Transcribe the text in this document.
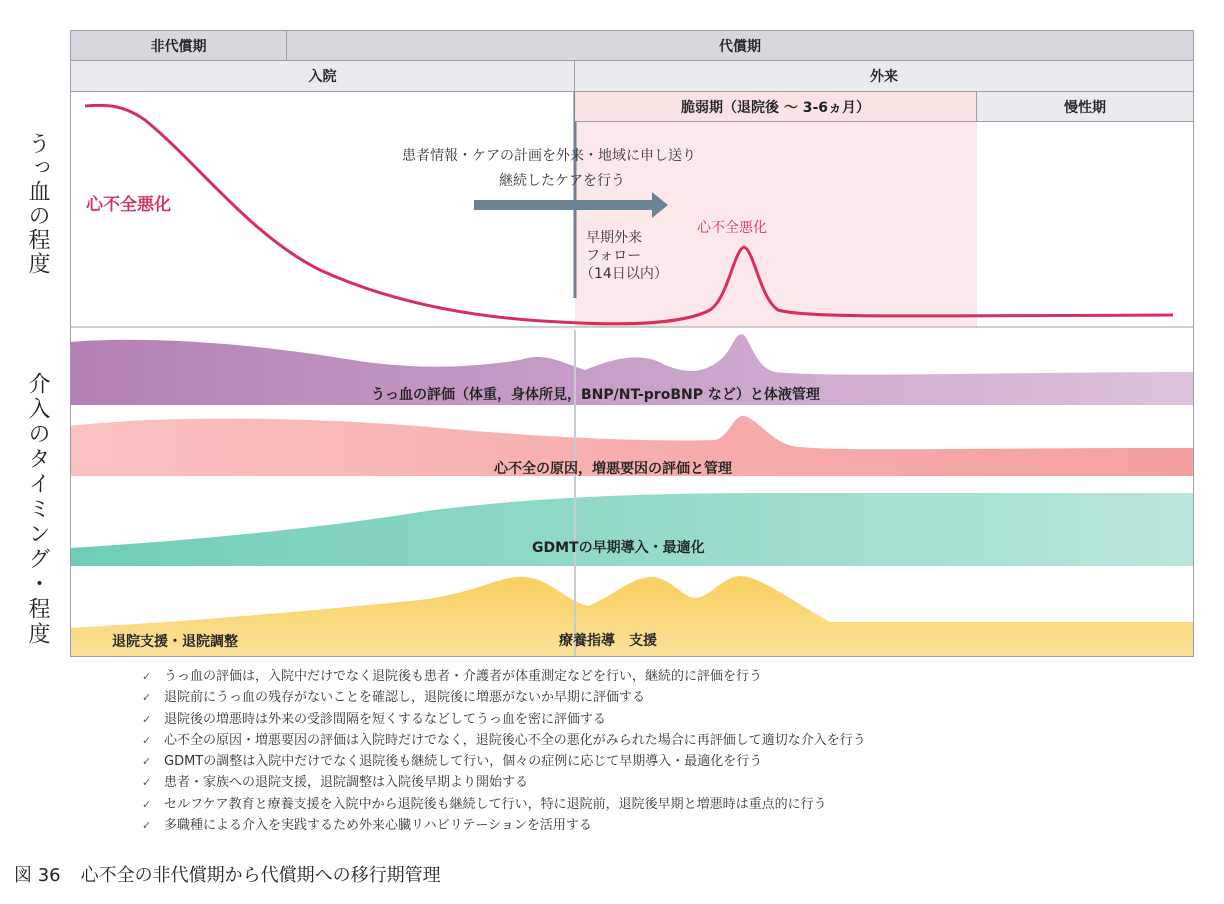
非代償期	代償期
入院	外来
脆弱期（退院後 ～ 3-6ヵ月）	慢性期
うっ血の程度
介入のタイミング・程度
患者情報・ケアの計画を外来・地域に申し送り
継続したケアを行う
心不全悪化
心不全悪化
早期外来
フォロー
（14日以内）
うっ血の評価（体重，身体所見，BNP/NT-proBNP など）と体液管理
心不全の原因，増悪要因の評価と管理
GDMTの早期導入・最適化
退院支援・退院調整	療養指導　支援
✓ うっ血の評価は，入院中だけでなく退院後も患者・介護者が体重測定などを行い，継続的に評価を行う
✓ 退院前にうっ血の残存がないことを確認し，退院後に増悪がないか早期に評価する
✓ 退院後の増悪時は外来の受診間隔を短くするなどしてうっ血を密に評価する
✓ 心不全の原因・増悪要因の評価は入院時だけでなく，退院後心不全の悪化がみられた場合に再評価して適切な介入を行う
✓ GDMTの調整は入院中だけでなく退院後も継続して行い，個々の症例に応じて早期導入・最適化を行う
✓ 患者・家族への退院支援，退院調整は入院後早期より開始する
✓ セルフケア教育と療養支援を入院中から退院後も継続して行い，特に退院前，退院後早期と増悪時は重点的に行う
✓ 多職種による介入を実践するため外来心臓リハビリテーションを活用する
図 36 心不全の非代償期から代償期への移行期管理
